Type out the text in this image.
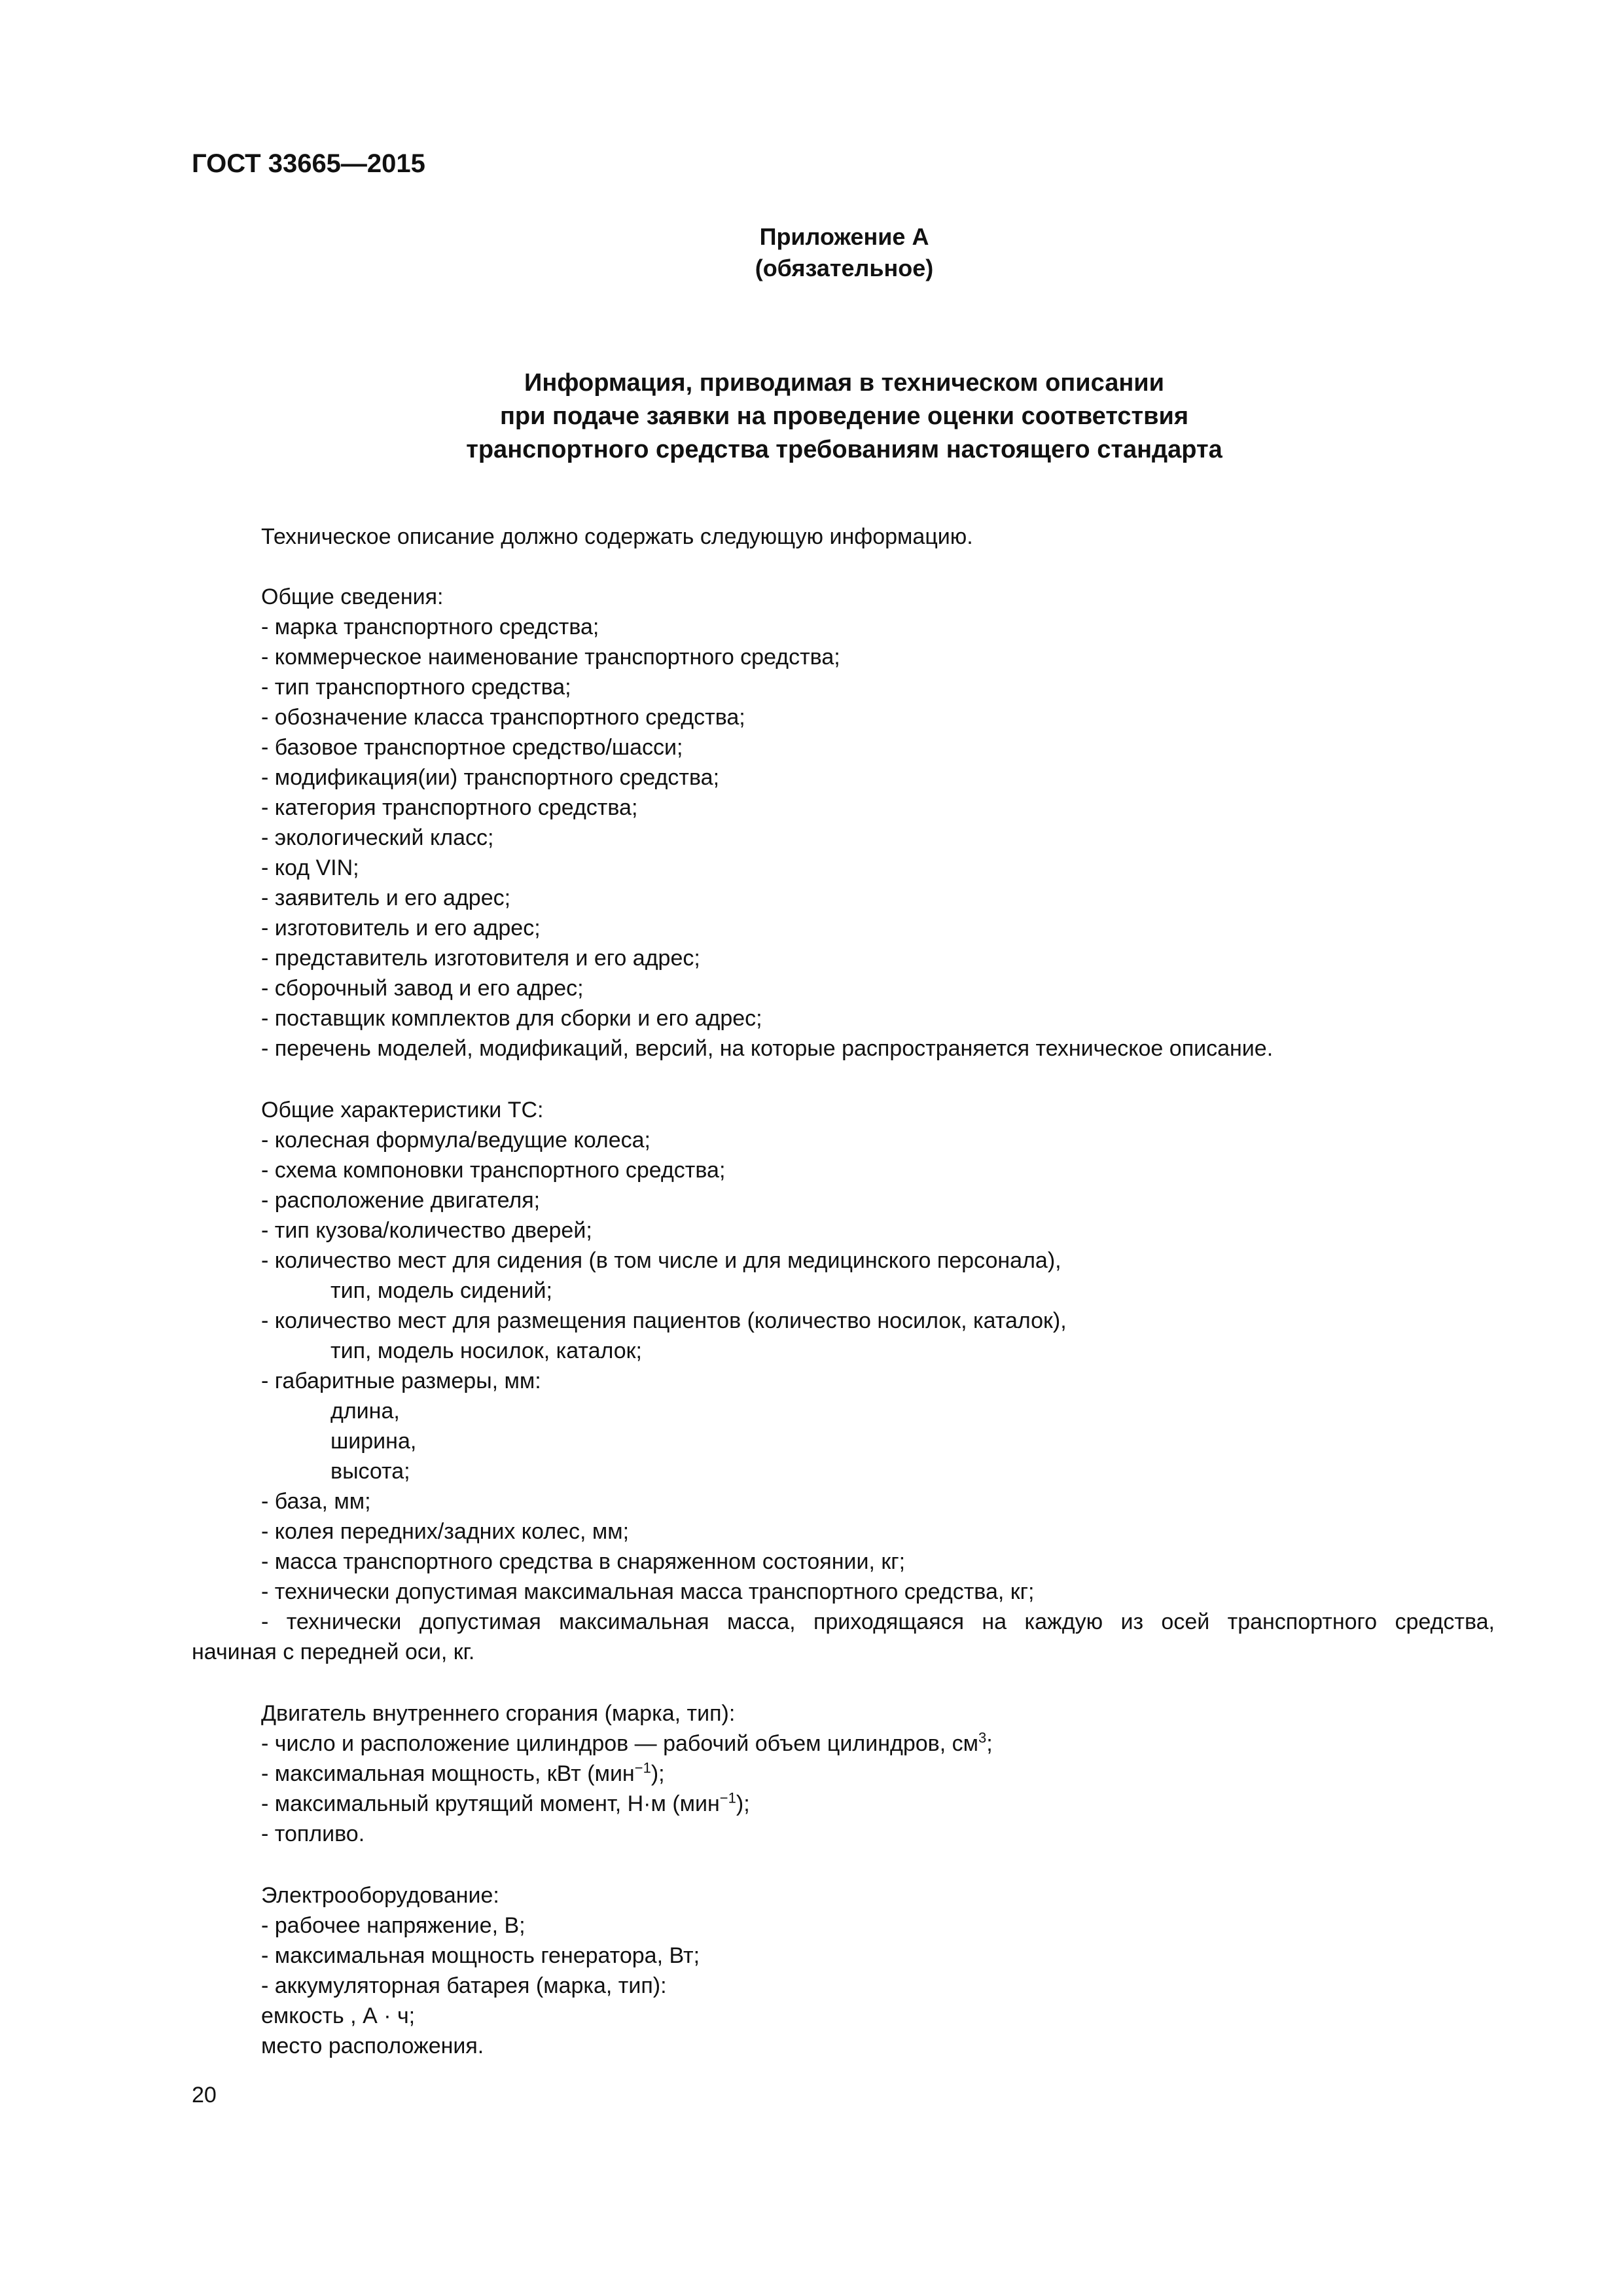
ГОСТ 33665—2015
Приложение А
(обязательное)
Информация, приводимая в техническом описании
при подаче заявки на проведение оценки соответствия
транспортного средства требованиям настоящего стандарта
Техническое описание должно содержать следующую информацию.
Общие сведения:
- марка транспортного средства;
- коммерческое наименование транспортного средства;
- тип транспортного средства;
- обозначение класса транспортного средства;
- базовое транспортное средство/шасси;
- модификация(ии) транспортного средства;
- категория транспортного средства;
- экологический класс;
- код VIN;
- заявитель и его адрес;
- изготовитель и его адрес;
- представитель изготовителя и его адрес;
- сборочный завод и его адрес;
- поставщик комплектов для сборки и его адрес;
- перечень моделей, модификаций, версий, на которые распространяется техническое описание.
Общие характеристики ТС:
- колесная формула/ведущие колеса;
- схема компоновки транспортного средства;
- расположение двигателя;
- тип кузова/количество дверей;
- количество мест для сидения (в том числе и для медицинского персонала),
тип, модель сидений;
- количество мест для размещения пациентов (количество носилок, каталок),
тип, модель носилок, каталок;
- габаритные размеры, мм:
длина,
ширина,
высота;
- база, мм;
- колея передних/задних колес, мм;
- масса транспортного средства в снаряженном состоянии, кг;
- технически допустимая максимальная масса транспортного средства, кг;
- технически допустимая максимальная масса, приходящаяся на каждую из осей транспортного средства,
начиная с передней оси, кг.
Двигатель внутреннего сгорания (марка, тип):
- число и расположение цилиндров — рабочий объем цилиндров, $см^3$;
- максимальная мощность, кВт (мин$^{-1}$);
- максимальный крутящий момент, Н·м (мин$^{-1}$);
- топливо.
Электрооборудование:
- рабочее напряжение, В;
- максимальная мощность генератора, Вт;
- аккумуляторная батарея (марка, тип):
емкость , А · ч;
место расположения.
20
